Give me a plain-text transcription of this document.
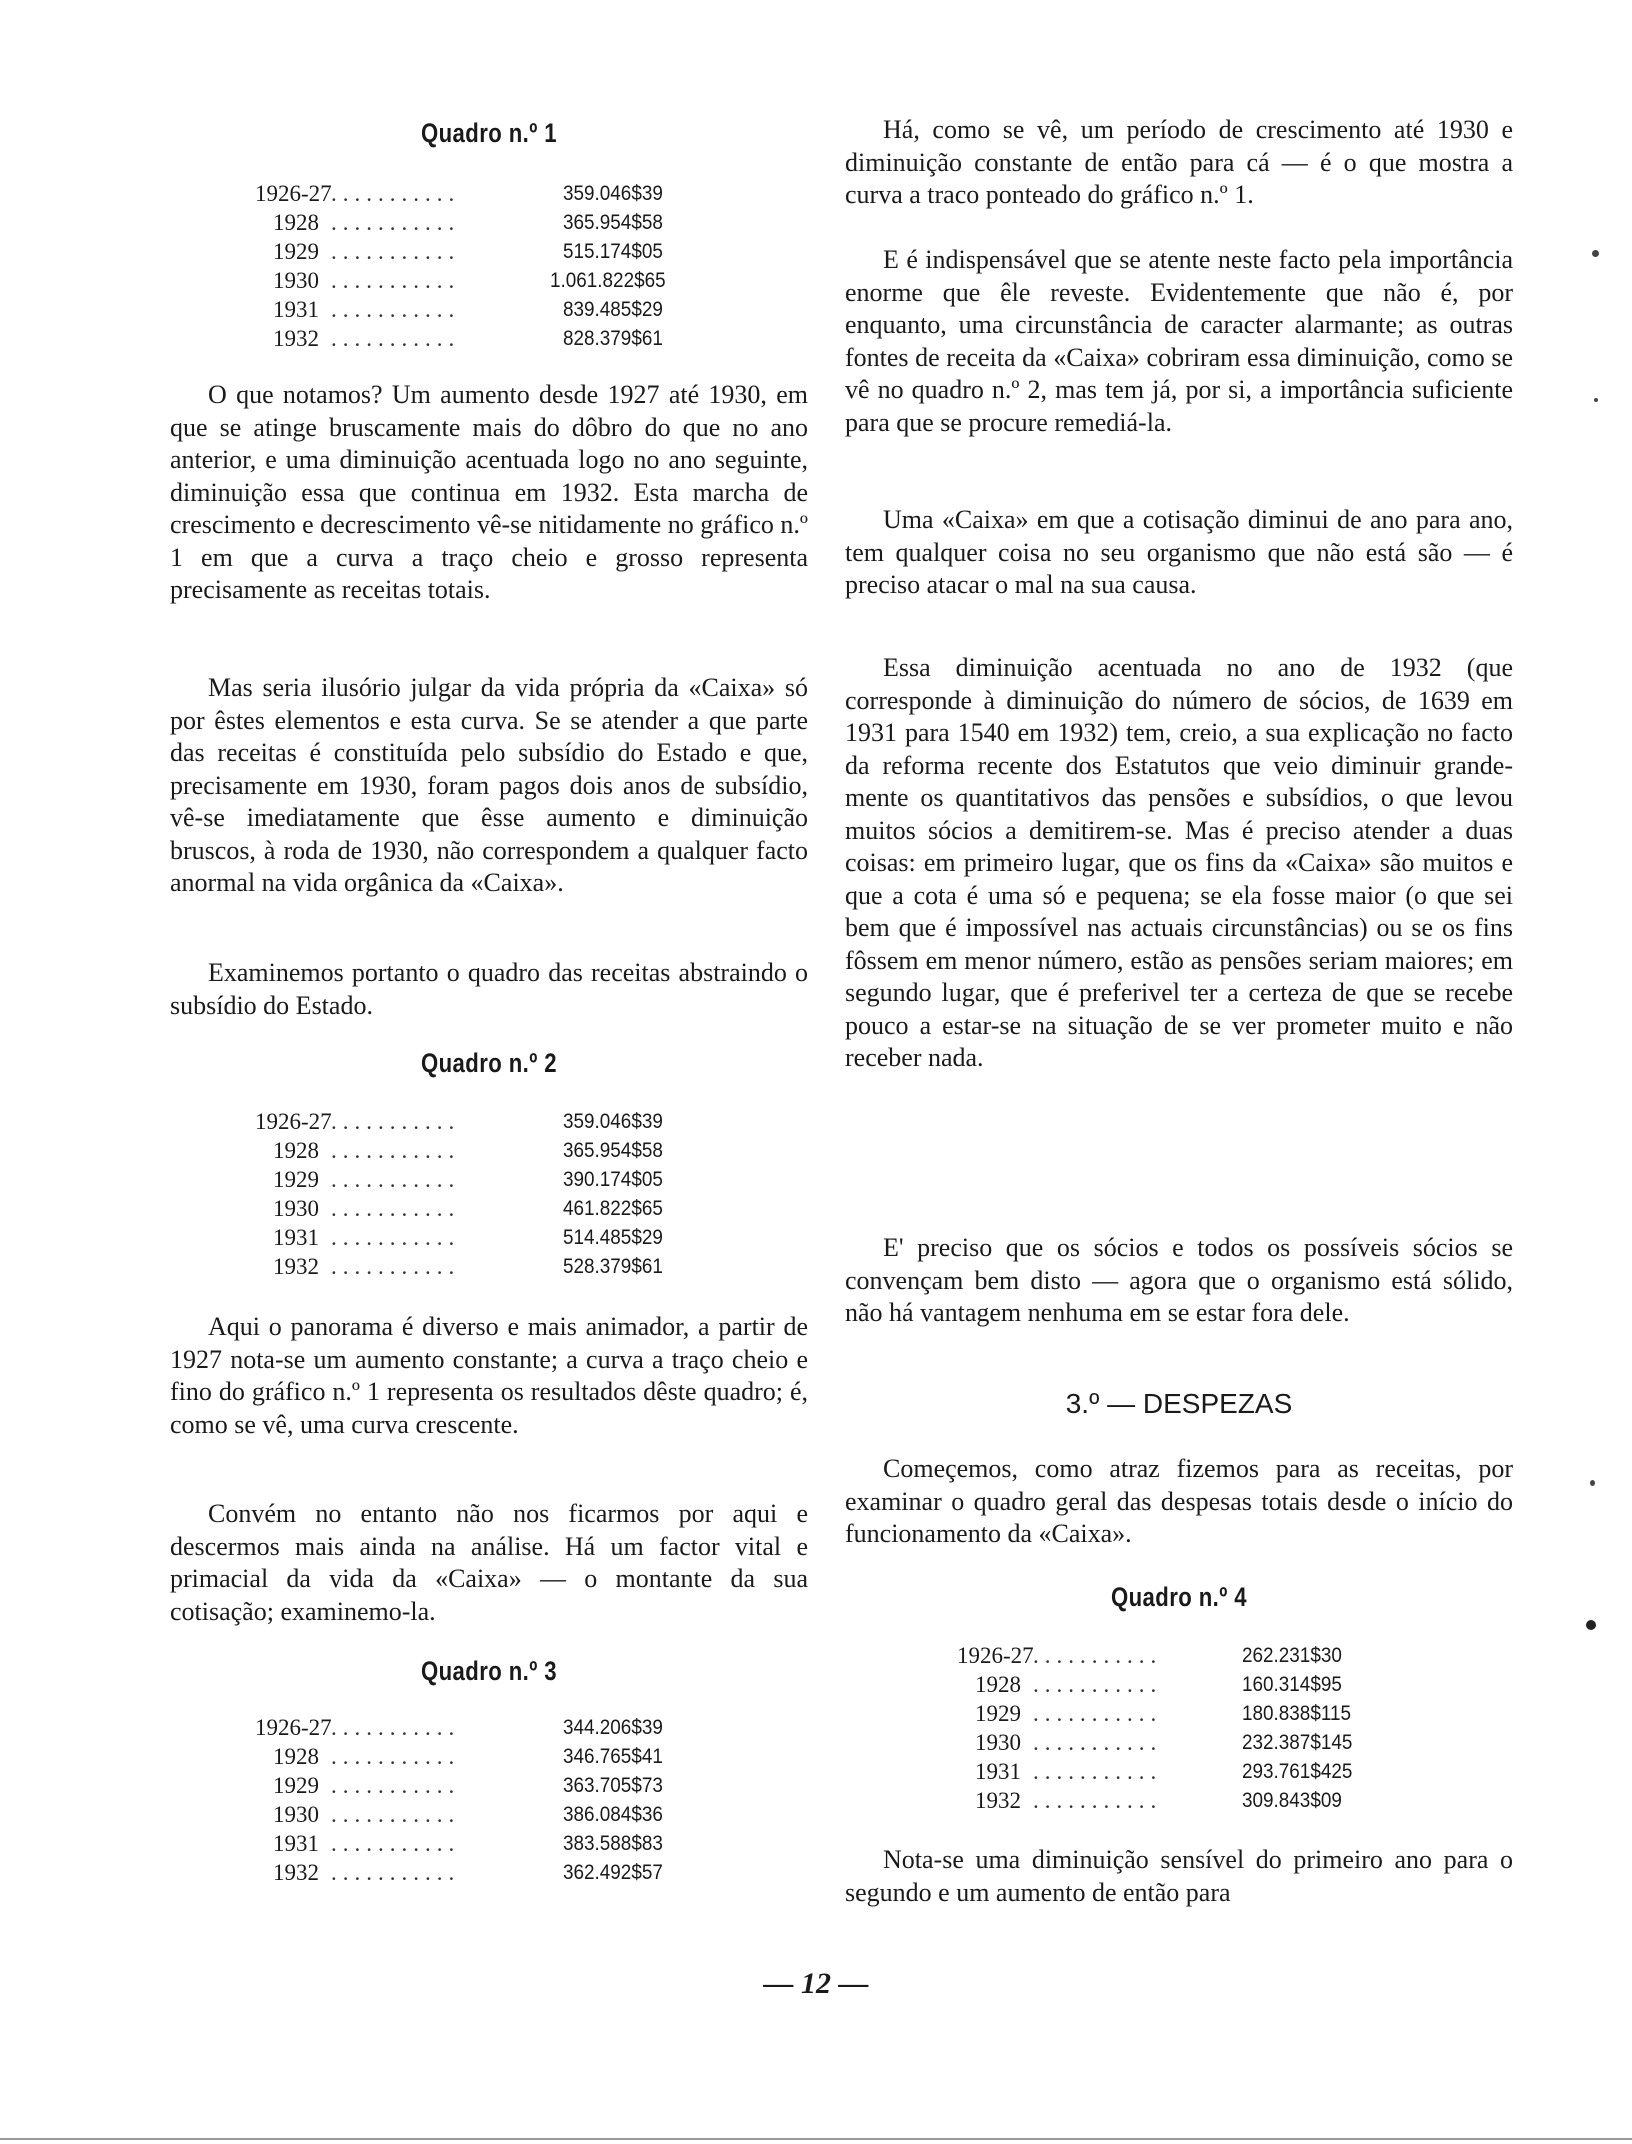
Quadro n.º 1
1926-27 ...........	359.046$39
1928 ...........	365.954$58
1929 ...........	515.174$05
1930 ...........	1.061.822$65
1931 ...........	839.485$29
1932 ...........	828.379$61

O que notamos? Um aumento desde 1927 até 1930, em que se atinge bruscamente mais do dôbro do que no ano anterior, e uma diminuição acentuada logo no ano seguinte, diminuição essa que continua em 1932. Esta marcha de crescimento e decrescimento vê-se nitidamente no gráfico n.º 1 em que a curva a traço cheio e grosso representa precisamente as receitas totais.

Mas seria ilusório julgar da vida própria da «Caixa» só por êstes elementos e esta curva. Se se atender a que parte das receitas é constituída pelo subsídio do Estado e que, precisamente em 1930, foram pagos dois anos de subsídio, vê-se imediatamente que êsse aumento e diminuição bruscos, à roda de 1930, não correspondem a qualquer facto anormal na vida orgânica da «Caixa».

Examinemos portanto o quadro das receitas abstraindo o subsídio do Estado.

Quadro n.º 2
1926-27 ...........	359.046$39
1928 ...........	365.954$58
1929 ...........	390.174$05
1930 ...........	461.822$65
1931 ...........	514.485$29
1932 ...........	528.379$61

Aqui o panorama é diverso e mais animador, a partir de 1927 nota-se um aumento constante; a curva a traço cheio e fino do gráfico n.º 1 representa os resultados dêste quadro; é, como se vê, uma curva crescente.

Convém no entanto não nos ficarmos por aqui e descermos mais ainda na análise. Há um factor vital e primacial da vida da «Caixa» — o montante da sua cotisação; examinemo-la.

Quadro n.º 3
1926-27 ...........	344.206$39
1928 ...........	346.765$41
1929 ...........	363.705$73
1930 ...........	386.084$36
1931 ...........	383.588$83
1932 ...........	362.492$57

Há, como se vê, um período de crescimento até 1930 e diminuição constante de então para cá — é o que mostra a curva a traco ponteado do gráfico n.º 1.

E é indispensável que se atente neste facto pela importância enorme que êle reveste. Evidentemente que não é, por enquanto, uma circunstância de caracter alarmante; as outras fontes de receita da «Caixa» cobriram essa diminuição, como se vê no quadro n.º 2, mas tem já, por si, a importância suficiente para que se procure remediá-la.

Uma «Caixa» em que a cotisação diminui de ano para ano, tem qualquer coisa no seu organismo que não está são — é preciso atacar o mal na sua causa.

Essa diminuição acentuada no ano de 1932 (que corresponde à diminuição do número de sócios, de 1639 em 1931 para 1540 em 1932) tem, creio, a sua explicação no facto da reforma recente dos Estatutos que veio diminuir grandemente os quantitativos das pensões e subsídios, o que levou muitos sócios a demitirem-se. Mas é preciso atender a duas coisas: em primeiro lugar, que os fins da «Caixa» são muitos e que a cota é uma só e pequena; se ela fosse maior (o que sei bem que é impossível nas actuais circunstâncias) ou se os fins fôssem em menor número, estão as pensões seriam maiores; em segundo lugar, que é preferivel ter a certeza de que se recebe pouco a estar-se na situação de se ver prometer muito e não receber nada.

E' preciso que os sócios e todos os possíveis sócios se convençam bem disto — agora que o organismo está sólido, não há vantagem nenhuma em se estar fora dele.

3.º — DESPEZAS

Começemos, como atraz fizemos para as receitas, por examinar o quadro geral das despesas totais desde o início do funcionamento da «Caixa».

Quadro n.º 4
1926-27 ...........	262.231$30
1928 ...........	160.314$95
1929 ...........	180.838$115
1930 ...........	232.387$145
1931 ...........	293.761$425
1932 ...........	309.843$09

Nota-se uma diminuição sensível do primeiro ano para o segundo e um aumento de então para

— 12 —
